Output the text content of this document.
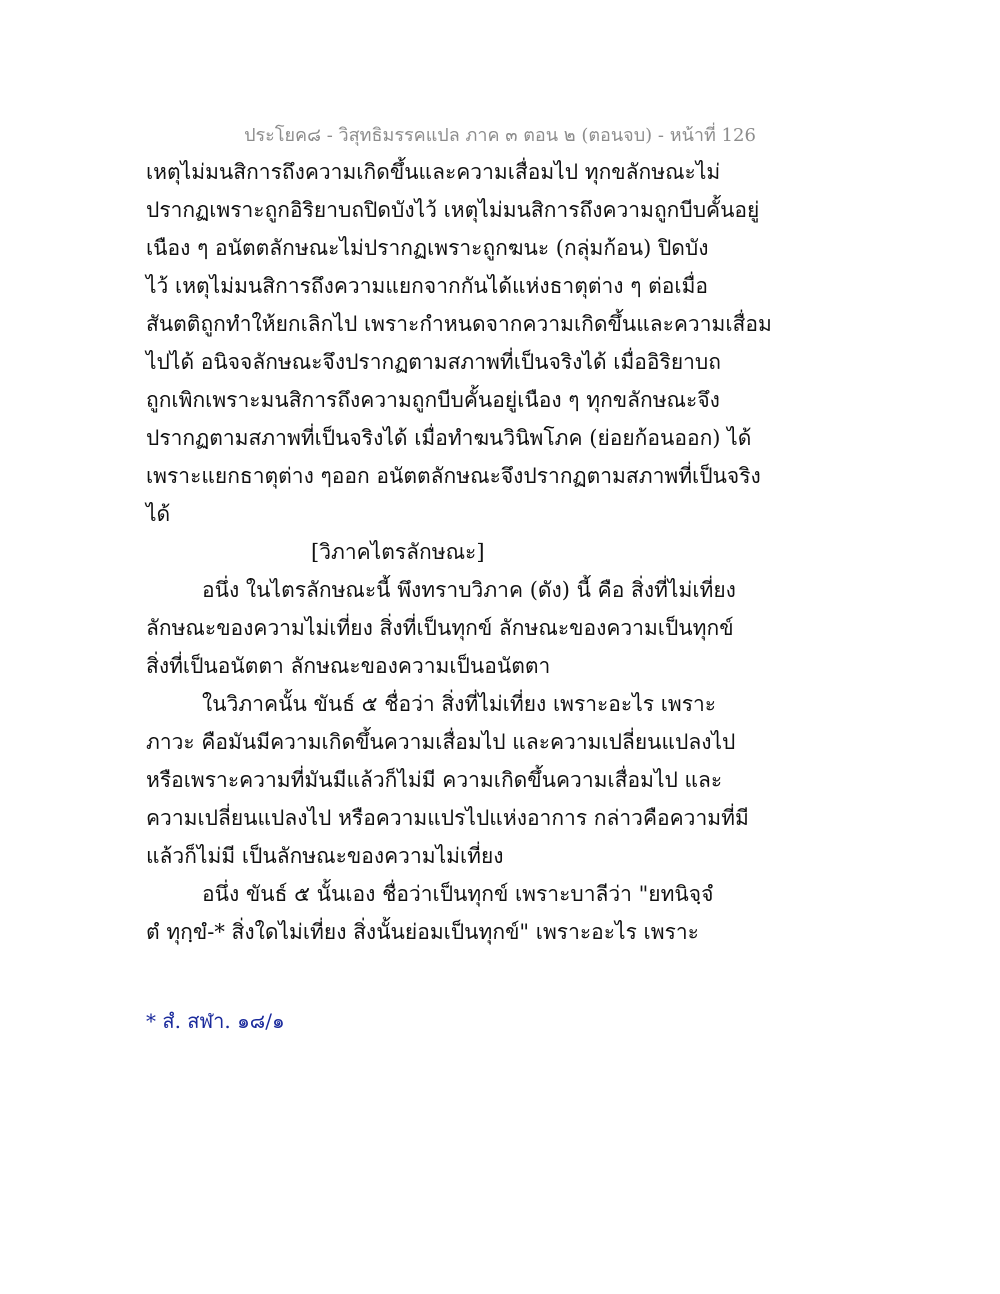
ประโยค๘ - วิสุทธิมรรคแปล ภาค ๓ ตอน ๒ (ตอนจบ) - หน้าที่ 126
เหตุไม่มนสิการถึงความเกิดขึ้นและความเสื่อมไป ทุกขลักษณะไม่
ปรากฏเพราะถูกอิริยาบถปิดบังไว้ เหตุไม่มนสิการถึงความถูกบีบคั้นอยู่
เนือง ๆ อนัตตลักษณะไม่ปรากฏเพราะถูกฆนะ (กลุ่มก้อน) ปิดบัง
ไว้ เหตุไม่มนสิการถึงความแยกจากกันได้แห่งธาตุต่าง ๆ ต่อเมื่อ
สันตติถูกทำให้ยกเลิกไป เพราะกำหนดจากความเกิดขึ้นและความเสื่อม
ไปได้ อนิจจลักษณะจึงปรากฏตามสภาพที่เป็นจริงได้ เมื่ออิริยาบถ
ถูกเพิกเพราะมนสิการถึงความถูกบีบคั้นอยู่เนือง ๆ ทุกขลักษณะจึง
ปรากฏตามสภาพที่เป็นจริงได้ เมื่อทำฆนวินิพโภค (ย่อยก้อนออก) ได้
เพราะแยกธาตุต่าง ๆออก อนัตตลักษณะจึงปรากฏตามสภาพที่เป็นจริง
ได้
[วิภาคไตรลักษณะ]
อนึ่ง ในไตรลักษณะนี้ พึงทราบวิภาค (ดัง) นี้ คือ สิ่งที่ไม่เที่ยง
ลักษณะของความไม่เที่ยง สิ่งที่เป็นทุกข์ ลักษณะของความเป็นทุกข์
สิ่งที่เป็นอนัตตา ลักษณะของความเป็นอนัตตา
ในวิภาคนั้น ขันธ์ ๕ ชื่อว่า สิ่งที่ไม่เที่ยง เพราะอะไร เพราะ
ภาวะ คือมันมีความเกิดขึ้นความเสื่อมไป และความเปลี่ยนแปลงไป
หรือเพราะความที่มันมีแล้วก็ไม่มี ความเกิดขึ้นความเสื่อมไป และ
ความเปลี่ยนแปลงไป หรือความแปรไปแห่งอาการ กล่าวคือความที่มี
แล้วก็ไม่มี เป็นลักษณะของความไม่เที่ยง
อนึ่ง ขันธ์ ๕ นั้นเอง ชื่อว่าเป็นทุกข์ เพราะบาลีว่า "ยทนิจฺจํ
ตํ ทุกฺขํ-* สิ่งใดไม่เที่ยง สิ่งนั้นย่อมเป็นทุกข์" เพราะอะไร เพราะ
* สํ. สฬา. ๑๘/๑
